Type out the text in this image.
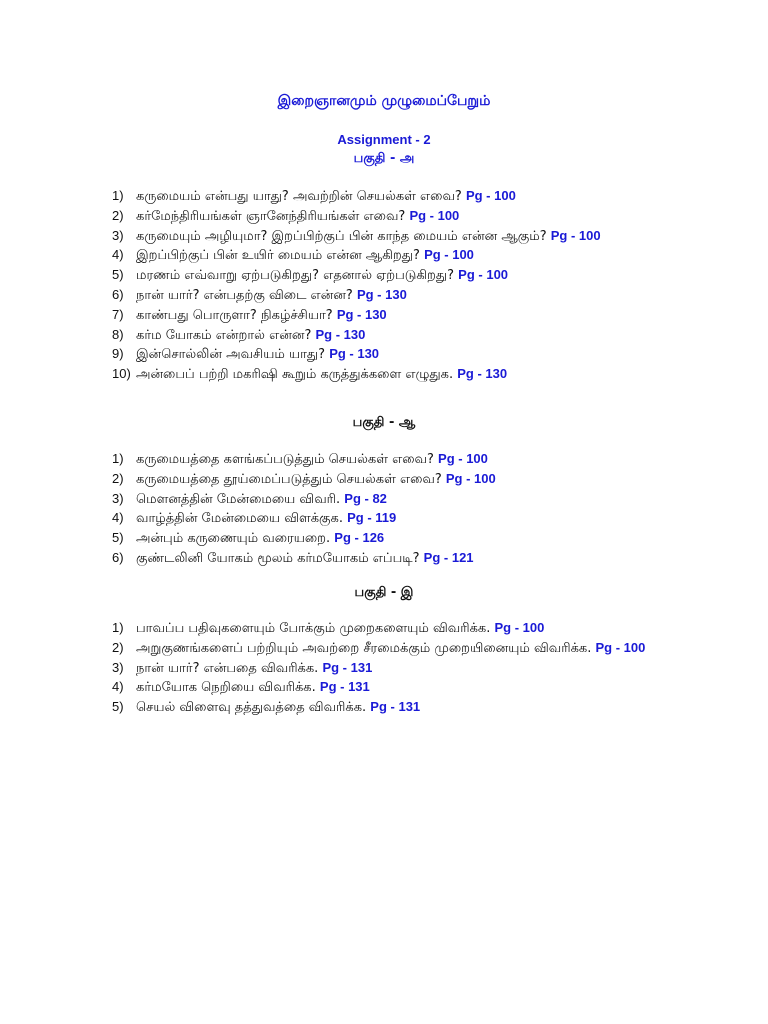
இறைஞானமும் முழுமைப்பேறும்
Assignment - 2
பகுதி - அ
1) கருமையம் என்பது யாது? அவற்றின் செயல்கள் எவை? Pg - 100
2) கர்மேந்திரியங்கள் ஞானேந்திரியங்கள் எவை? Pg - 100
3) கருமையும் அழியுமா? இறப்பிற்குப் பின் காந்த மையம் என்ன ஆகும்? Pg - 100
4) இறப்பிற்குப் பின் உயிர் மையம் என்ன ஆகிறது? Pg - 100
5) மரணம் எவ்வாறு ஏற்படுகிறது? எதனால் ஏற்படுகிறது? Pg - 100
6) நான் யார்? என்பதற்கு விடை என்ன? Pg - 130
7) காண்பது பொருளா? நிகழ்ச்சியா? Pg - 130
8) கர்ம யோகம் என்றால் என்ன? Pg - 130
9) இன்சொல்லின் அவசியம் யாது? Pg - 130
10) அன்பைப் பற்றி மகரிஷி கூறும் கருத்துக்களை எழுதுக. Pg - 130
பகுதி - ஆ
1) கருமையத்தை களங்கப்படுத்தும் செயல்கள் எவை? Pg - 100
2) கருமையத்தை தூய்மைப்படுத்தும் செயல்கள் எவை? Pg - 100
3) மௌனத்தின் மேன்மையை விவரி. Pg - 82
4) வாழ்த்தின் மேன்மையை விளக்குக. Pg - 119
5) அன்பும் கருணையும் வரையறை. Pg - 126
6) குண்டலினி யோகம் மூலம் கர்மயோகம் எப்படி? Pg - 121
பகுதி - இ
1) பாவப்ப பதிவுகளையும் போக்கும் முறைகளையும் விவரிக்க. Pg - 100
2) அறுகுணங்களைப் பற்றியும் அவற்றை சீரமைக்கும் முறையினையும் விவரிக்க. Pg - 100
3) நான் யார்? என்பதை விவரிக்க. Pg - 131
4) கர்மயோக நெறியை விவரிக்க. Pg - 131
5) செயல் விளைவு தத்துவத்தை விவரிக்க. Pg - 131
